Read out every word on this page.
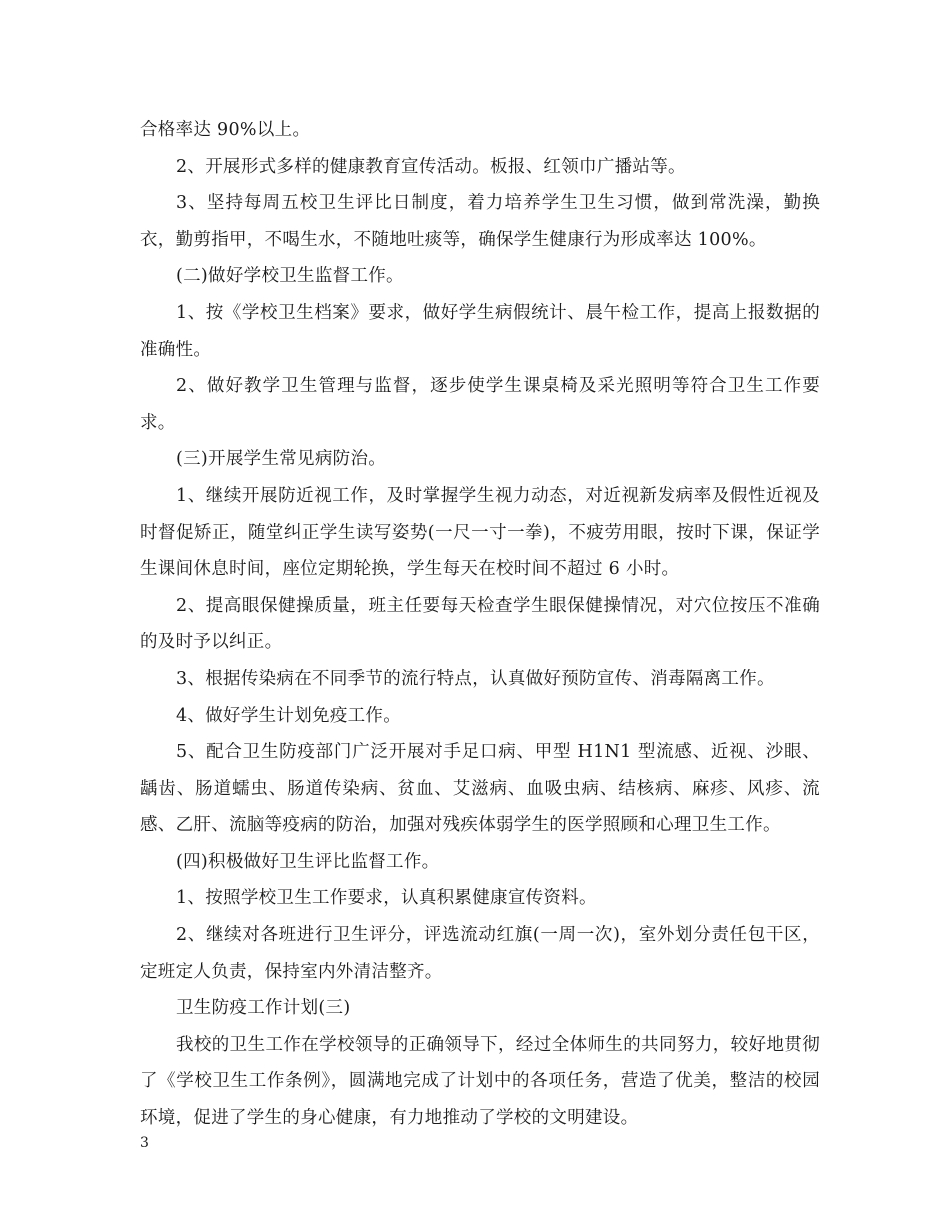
合格率达 90%以上。

2、开展形式多样的健康教育宣传活动。板报、红领巾广播站等。

3、坚持每周五校卫生评比日制度，着力培养学生卫生习惯，做到常洗澡，勤换衣，勤剪指甲，不喝生水，不随地吐痰等，确保学生健康行为形成率达 100%。

(二)做好学校卫生监督工作。

1、按《学校卫生档案》要求，做好学生病假统计、晨午检工作，提高上报数据的准确性。

2、做好教学卫生管理与监督，逐步使学生课桌椅及采光照明等符合卫生工作要求。

(三)开展学生常见病防治。

1、继续开展防近视工作，及时掌握学生视力动态，对近视新发病率及假性近视及时督促矫正，随堂纠正学生读写姿势(一尺一寸一拳)，不疲劳用眼，按时下课，保证学生课间休息时间，座位定期轮换，学生每天在校时间不超过 6 小时。

2、提高眼保健操质量，班主任要每天检查学生眼保健操情况，对穴位按压不准确的及时予以纠正。

3、根据传染病在不同季节的流行特点，认真做好预防宣传、消毒隔离工作。

4、做好学生计划免疫工作。

5、配合卫生防疫部门广泛开展对手足口病、甲型 H1N1 型流感、近视、沙眼、龋齿、肠道蠕虫、肠道传染病、贫血、艾滋病、血吸虫病、结核病、麻疹、风疹、流感、乙肝、流脑等疫病的防治，加强对残疾体弱学生的医学照顾和心理卫生工作。

(四)积极做好卫生评比监督工作。

1、按照学校卫生工作要求，认真积累健康宣传资料。

2、继续对各班进行卫生评分，评选流动红旗(一周一次)，室外划分责任包干区，定班定人负责，保持室内外清洁整齐。

卫生防疫工作计划(三)

我校的卫生工作在学校领导的正确领导下，经过全体师生的共同努力，较好地贯彻了《学校卫生工作条例》，圆满地完成了计划中的各项任务，营造了优美，整洁的校园环境，促进了学生的身心健康，有力地推动了学校的文明建设。

3
